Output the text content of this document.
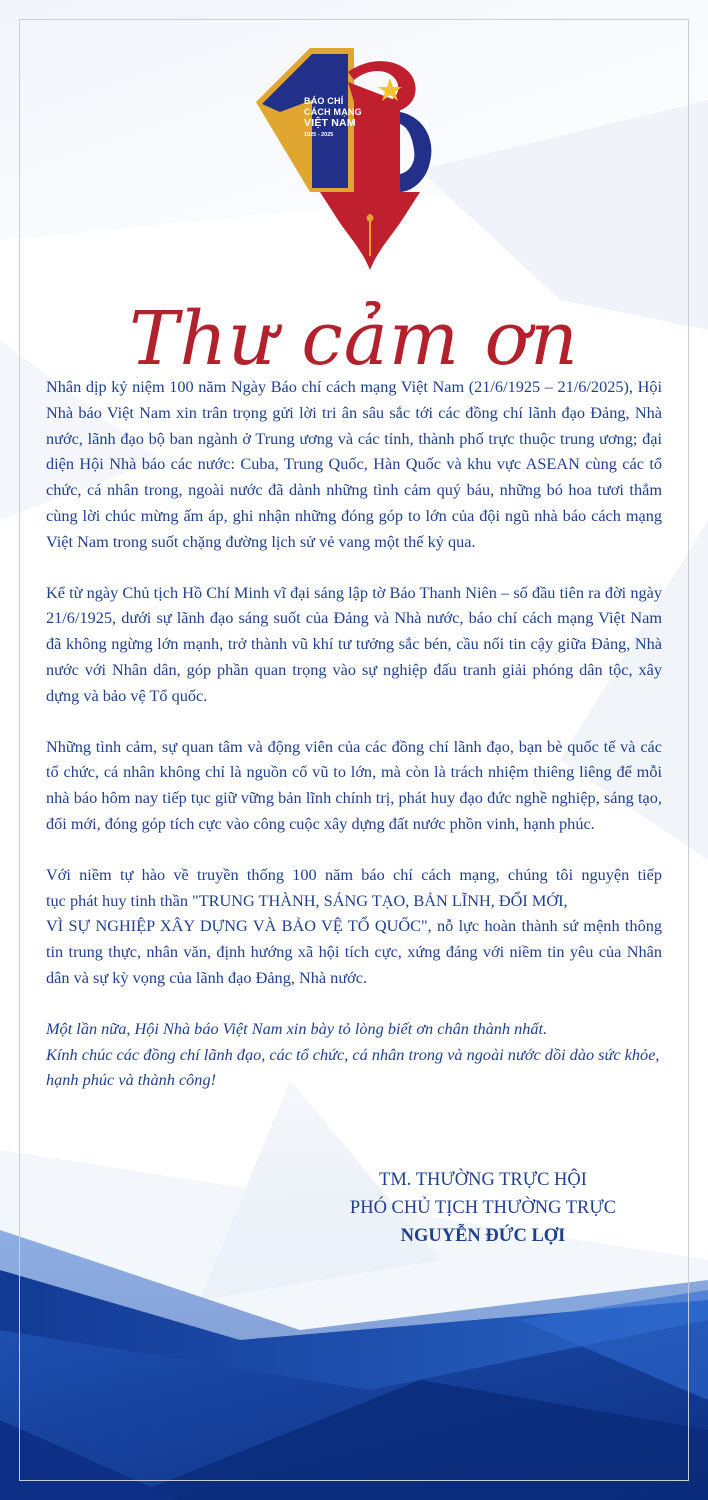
BÁO CHÍ
CÁCH MẠNG
VIỆT NAM
1925 - 2025
Thư cảm ơn

Nhân dịp kỷ niệm 100 năm Ngày Báo chí cách mạng Việt Nam (21/6/1925 – 21/6/2025), Hội Nhà báo Việt Nam xin trân trọng gửi lời tri ân sâu sắc tới các đồng chí lãnh đạo Đảng, Nhà nước, lãnh đạo bộ ban ngành ở Trung ương và các tỉnh, thành phố trực thuộc trung ương; đại diện Hội Nhà báo các nước: Cuba, Trung Quốc, Hàn Quốc và khu vực ASEAN cùng các tổ chức, cá nhân trong, ngoài nước đã dành những tình cảm quý báu, những bó hoa tươi thắm cùng lời chúc mừng ấm áp, ghi nhận những đóng góp to lớn của đội ngũ nhà báo cách mạng Việt Nam trong suốt chặng đường lịch sử vẻ vang một thế kỷ qua.

Kể từ ngày Chủ tịch Hồ Chí Minh vĩ đại sáng lập tờ Báo Thanh Niên – số đầu tiên ra đời ngày 21/6/1925, dưới sự lãnh đạo sáng suốt của Đảng và Nhà nước, báo chí cách mạng Việt Nam đã không ngừng lớn mạnh, trở thành vũ khí tư tưởng sắc bén, cầu nối tin cậy giữa Đảng, Nhà nước với Nhân dân, góp phần quan trọng vào sự nghiệp đấu tranh giải phóng dân tộc, xây dựng và bảo vệ Tổ quốc.

Những tình cảm, sự quan tâm và động viên của các đồng chí lãnh đạo, bạn bè quốc tế và các tổ chức, cá nhân không chỉ là nguồn cổ vũ to lớn, mà còn là trách nhiệm thiêng liêng để mỗi nhà báo hôm nay tiếp tục giữ vững bản lĩnh chính trị, phát huy đạo đức nghề nghiệp, sáng tạo, đổi mới, đóng góp tích cực vào công cuộc xây dựng đất nước phồn vinh, hạnh phúc.

Với niềm tự hào về truyền thống 100 năm báo chí cách mạng, chúng tôi nguyện tiếp

tục phát huy tinh thần "TRUNG THÀNH, SÁNG TẠO, BẢN LĨNH, ĐỔI MỚI,

VÌ SỰ NGHIỆP XÂY DỰNG VÀ BẢO VỆ TỔ QUỐC", nỗ lực hoàn thành sứ mệnh thông tin trung thực, nhân văn, định hướng xã hội tích cực, xứng đáng với niềm tin yêu của Nhân dân và sự kỳ vọng của lãnh đạo Đảng, Nhà nước.

Một lần nữa, Hội Nhà báo Việt Nam xin bày tỏ lòng biết ơn chân thành nhất.

Kính chúc các đồng chí lãnh đạo, các tổ chức, cá nhân trong và ngoài nước dồi dào sức khỏe, hạnh phúc và thành công!

TM. THƯỜNG TRỰC HỘI
PHÓ CHỦ TỊCH THƯỜNG TRỰC
NGUYỄN ĐỨC LỢI
